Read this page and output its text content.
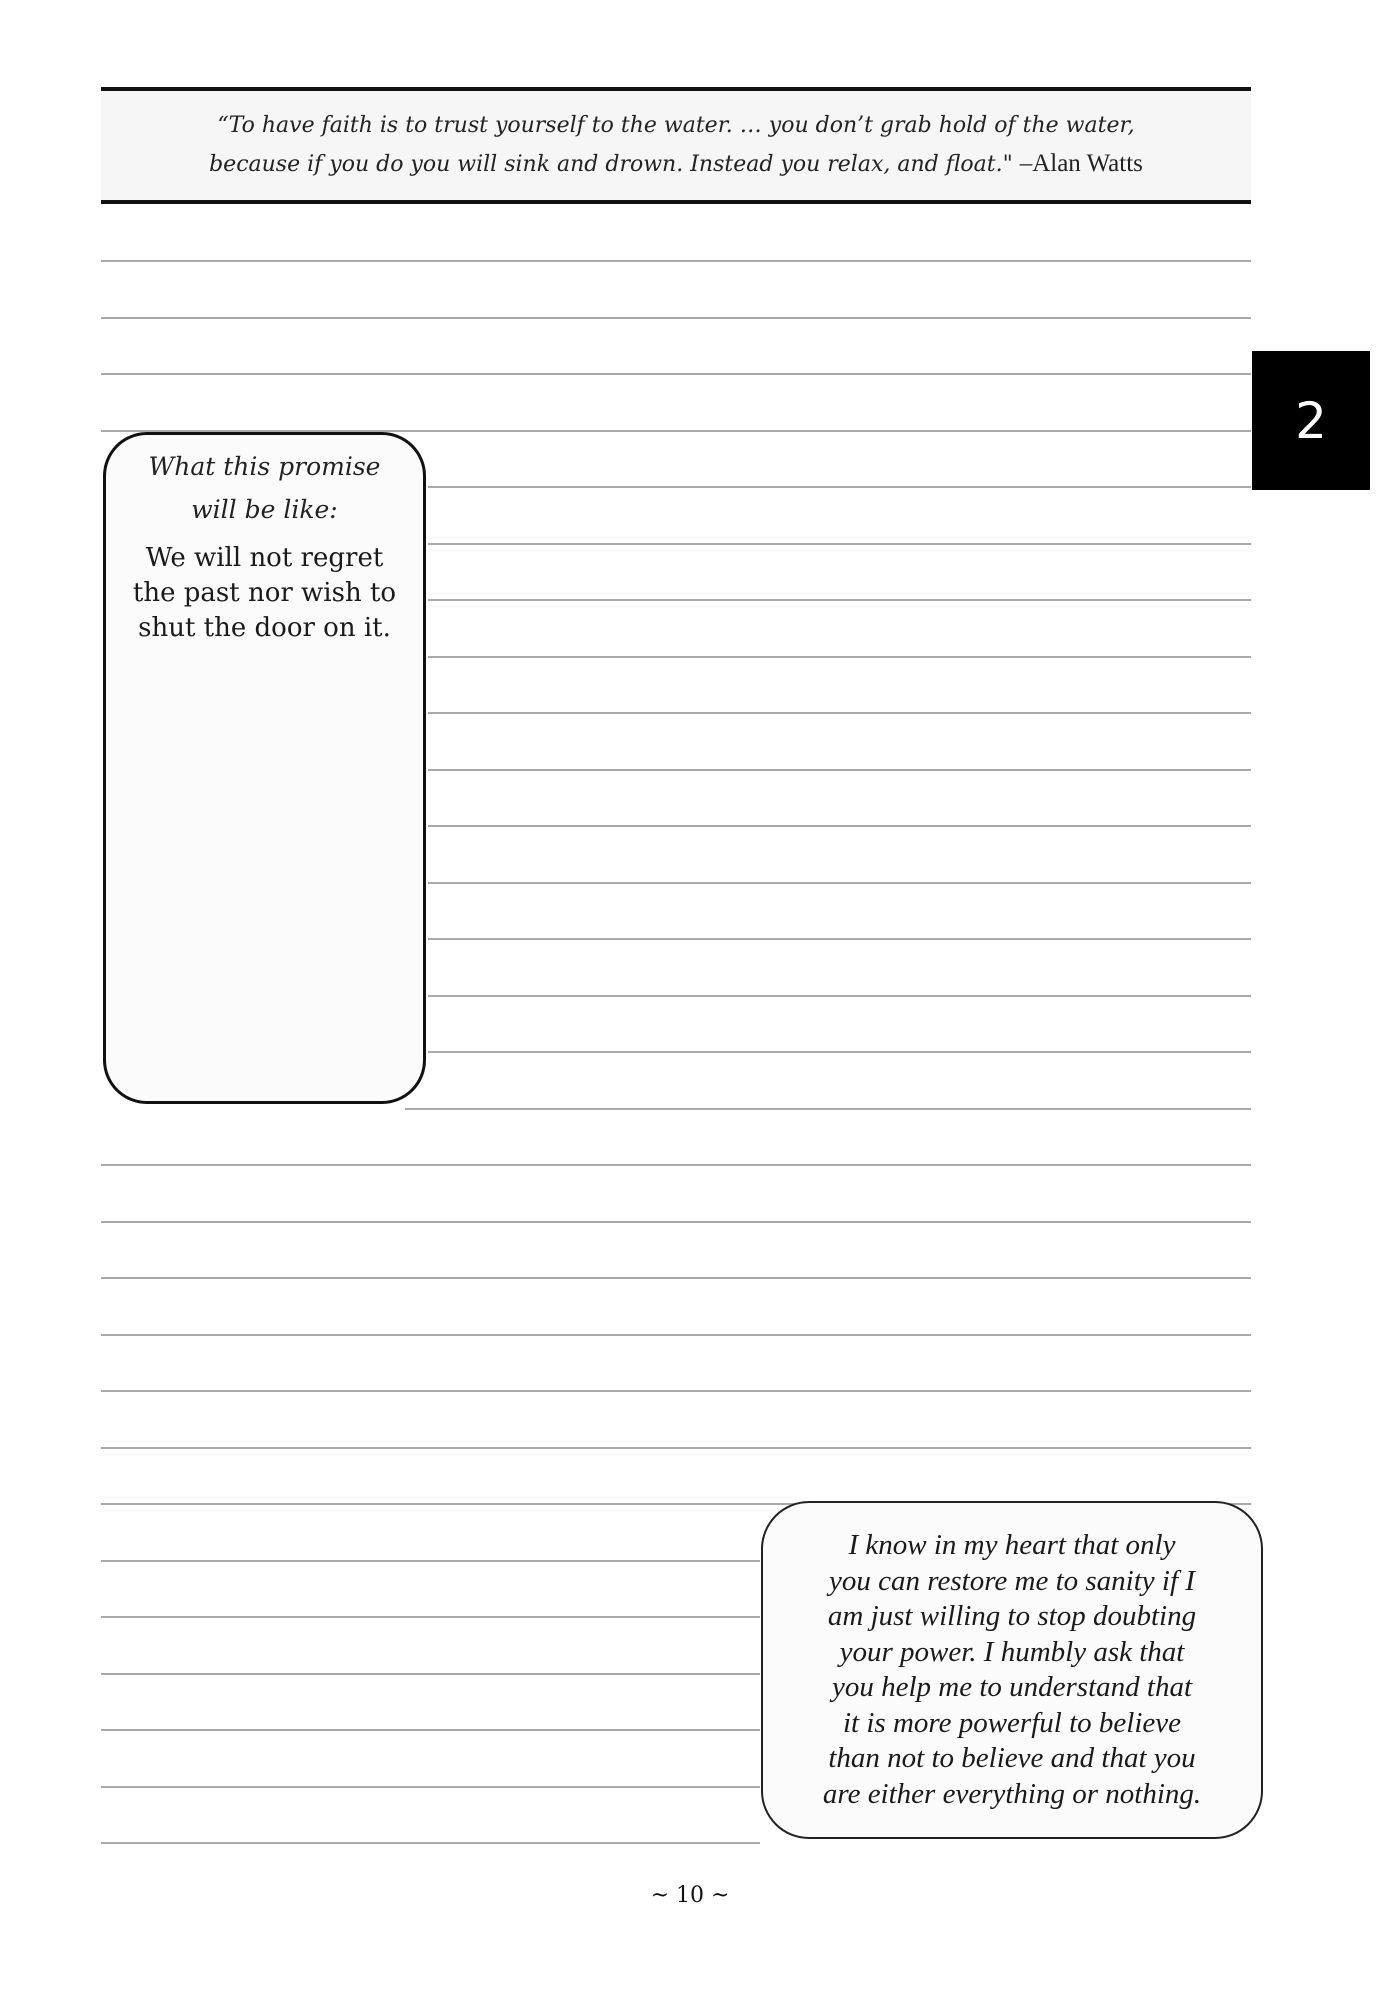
“To have faith is to trust yourself to the water. … you don’t grab hold of the water,
because if you do you will sink and drown. Instead you relax, and float." –Alan Watts
2
What this promise
will be like:
We will not regret
the past nor wish to
shut the door on it.
I know in my heart that only
you can restore me to sanity if I
am just willing to stop doubting
your power. I humbly ask that
you help me to understand that
it is more powerful to believe
than not to believe and that you
are either everything or nothing.
~ 10 ~
